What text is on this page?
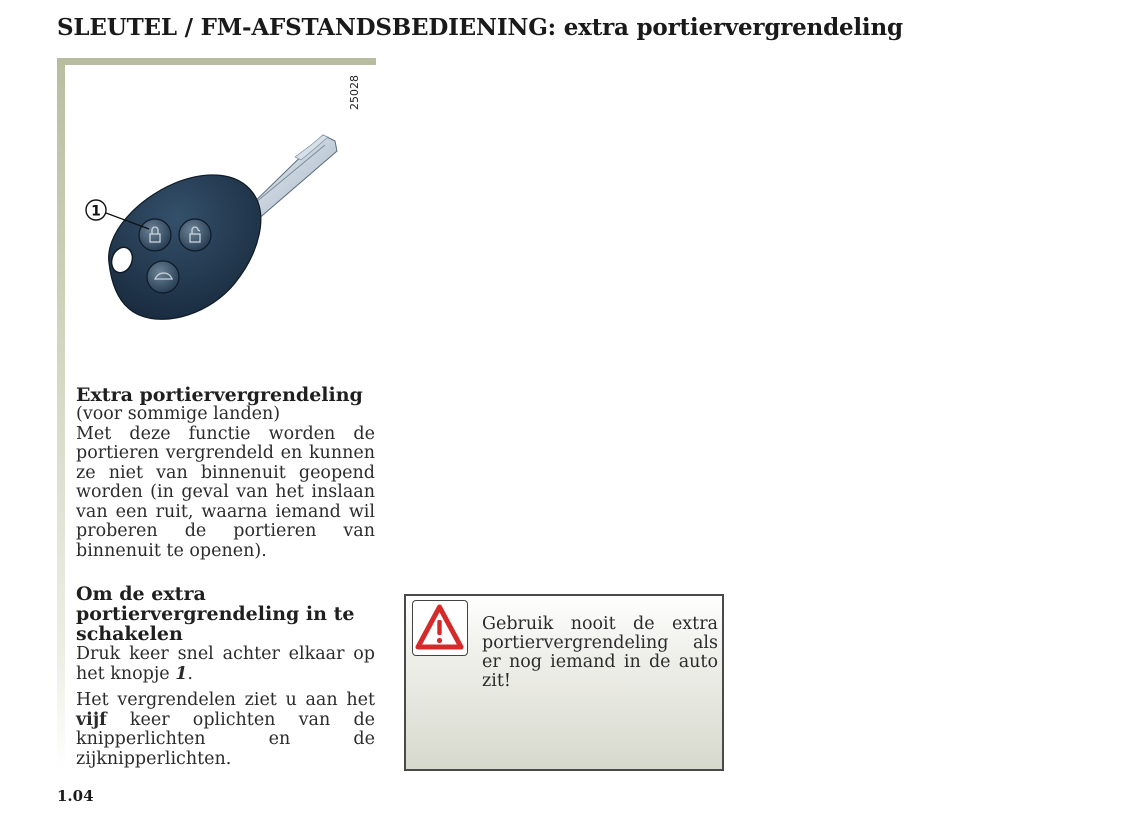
SLEUTEL / FM-AFSTANDSBEDIENING: extra portiervergrendeling
1
25028

Extra portiervergrendeling

(voor sommige landen)

Met deze functie worden de portieren vergrendeld en kunnen ze niet van binnenuit geopend worden (in geval van het inslaan van een ruit, waarna iemand wil proberen de portieren van binnenuit te openen).

Om de extra portiervergrendeling in te schakelen

Druk keer snel achter elkaar op het knopje 1.

Het vergrendelen ziet u aan het vijf keer oplichten van de knipperlichten en de zijknipperlichten.

Gebruik nooit de extra portiervergrendeling als er nog iemand in de auto zit!
1.04
